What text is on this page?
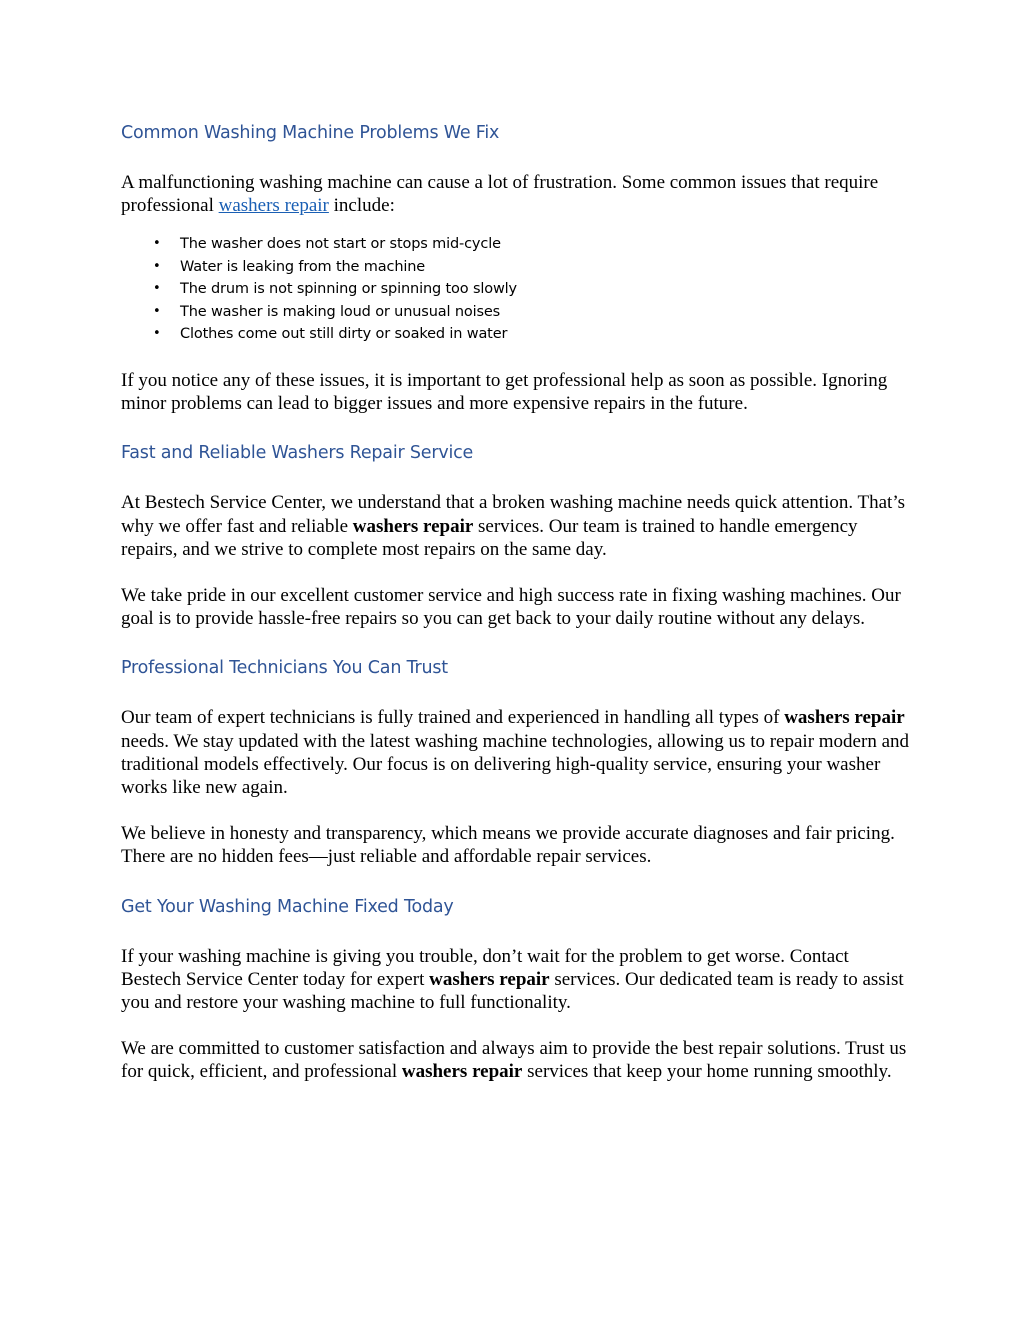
Common Washing Machine Problems We Fix

A malfunctioning washing machine can cause a lot of frustration. Some common issues that require professional washers repair include:

• The washer does not start or stops mid-cycle
• Water is leaking from the machine
• The drum is not spinning or spinning too slowly
• The washer is making loud or unusual noises
• Clothes come out still dirty or soaked in water

If you notice any of these issues, it is important to get professional help as soon as possible. Ignoring minor problems can lead to bigger issues and more expensive repairs in the future.

Fast and Reliable Washers Repair Service

At Bestech Service Center, we understand that a broken washing machine needs quick attention. That’s why we offer fast and reliable washers repair services. Our team is trained to handle emergency repairs, and we strive to complete most repairs on the same day.

We take pride in our excellent customer service and high success rate in fixing washing machines. Our goal is to provide hassle-free repairs so you can get back to your daily routine without any delays.

Professional Technicians You Can Trust

Our team of expert technicians is fully trained and experienced in handling all types of washers repair needs. We stay updated with the latest washing machine technologies, allowing us to repair modern and traditional models effectively. Our focus is on delivering high-quality service, ensuring your washer works like new again.

We believe in honesty and transparency, which means we provide accurate diagnoses and fair pricing. There are no hidden fees—just reliable and affordable repair services.

Get Your Washing Machine Fixed Today

If your washing machine is giving you trouble, don’t wait for the problem to get worse. Contact Bestech Service Center today for expert washers repair services. Our dedicated team is ready to assist you and restore your washing machine to full functionality.

We are committed to customer satisfaction and always aim to provide the best repair solutions. Trust us for quick, efficient, and professional washers repair services that keep your home running smoothly.
